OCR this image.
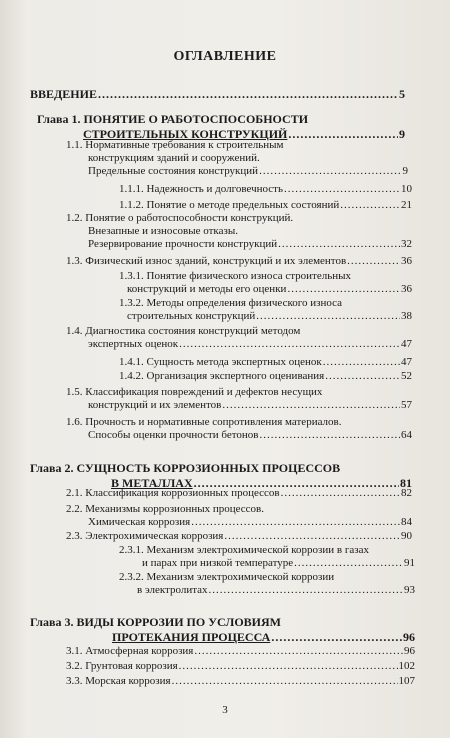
ОГЛАВЛЕНИЕ
ВВЕДЕНИЕ .....	5
Глава 1. ПОНЯТИЕ О РАБОТОСПОСОБНОСТИ
СТРОИТЕЛЬНЫХ КОНСТРУКЦИЙ .....	9
1.1. Нормативные требования к строительным
конструкциям зданий и сооружений.
Предельные состояния конструкций .....	9
1.1.1. Надежность и долговечность .....	10
1.1.2. Понятие о методе предельных состояний .....	21
1.2. Понятие о работоспособности конструкций.
Внезапные и износовые отказы.
Резервирование прочности конструкций .....	32
1.3. Физический износ зданий, конструкций и их элементов .....	36
1.3.1. Понятие физического износа строительных
конструкций и методы его оценки .....	36
1.3.2. Методы определения физического износа
строительных конструкций .....	38
1.4. Диагностика состояния конструкций методом
экспертных оценок .....	47
1.4.1. Сущность метода экспертных оценок .....	47
1.4.2. Организация экспертного оценивания .....	52
1.5. Классификация повреждений и дефектов несущих
конструкций и их элементов .....	57
1.6. Прочность и нормативные сопротивления материалов.
Способы оценки прочности бетонов .....	64
Глава 2. СУЩНОСТЬ КОРРОЗИОННЫХ ПРОЦЕССОВ
В МЕТАЛЛАХ .....	81
2.1. Классификация коррозионных процессов .....	82
2.2. Механизмы коррозионных процессов.
Химическая коррозия .....	84
2.3. Электрохимическая коррозия .....	90
2.3.1. Механизм электрохимической коррозии в газах
и парах при низкой температуре .....	91
2.3.2. Механизм электрохимической коррозии
в электролитах .....	93
Глава 3. ВИДЫ КОРРОЗИИ ПО УСЛОВИЯМ
ПРОТЕКАНИЯ ПРОЦЕССА .....	96
3.1. Атмосферная коррозия .....	96
3.2. Грунтовая коррозия .....	102
3.3. Морская коррозия .....	107
3
